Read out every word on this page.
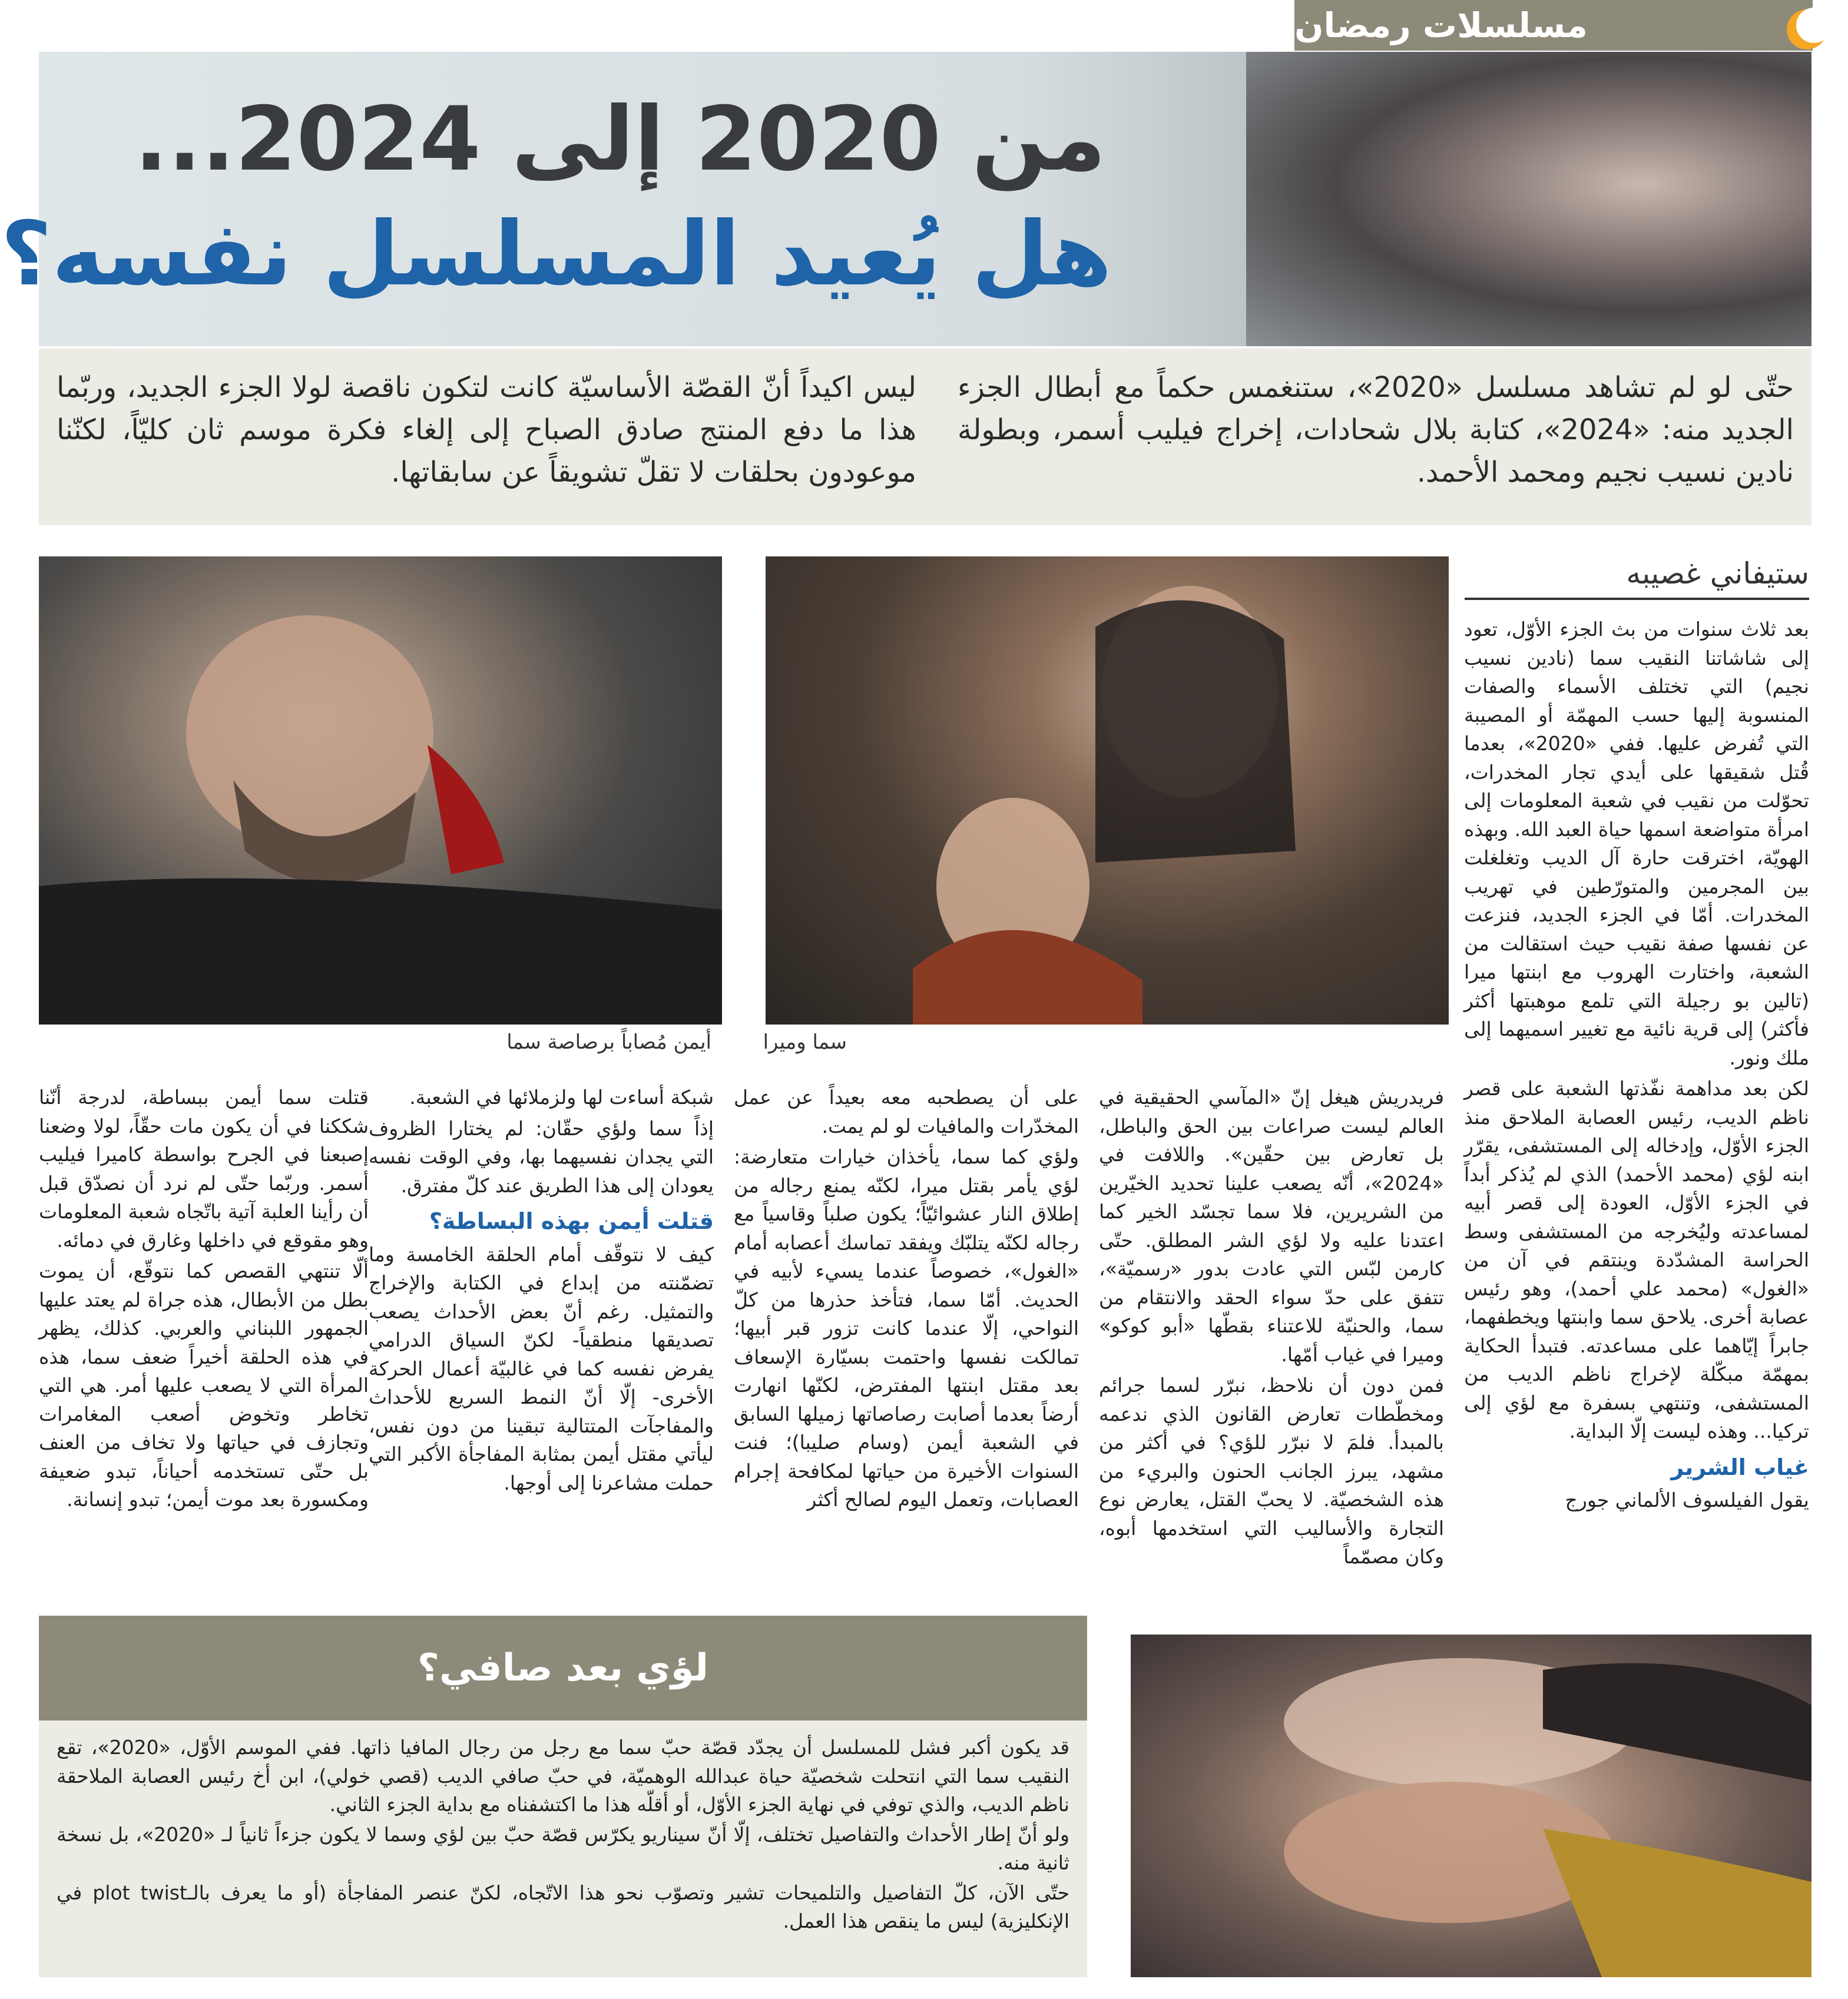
مسلسلات رمضان
من 2020 إلى 2024...
هل يُعيد المسلسل نفسه؟

حتّى لو لم تشاهد مسلسل «2020»، ستنغمس حكماً مع أبطال الجزء الجديد منه: «2024»، كتابة بلال شحادات، إخراج فيليب أسمر، وبطولة نادين نسيب نجيم ومحمد الأحمد.

ليس اكيداً أنّ القصّة الأساسيّة كانت لتكون ناقصة لولا الجزء الجديد، وربّما هذا ما دفع المنتج صادق الصباح إلى إلغاء فكرة موسم ثان كليّاً، لكنّنا موعودون بحلقات لا تقلّ تشويقاً عن سابقاتها.

ستيفاني غصيبه
سما وميرا
أيمن مُصاباً برصاصة سما

بعد ثلاث سنوات من بث الجزء الأوّل، تعود إلى شاشاتنا النقيب سما (نادين نسيب نجيم) التي تختلف الأسماء والصفات المنسوبة إليها حسب المهمّة أو المصيبة التي تُفرض عليها. ففي «2020»، بعدما قُتل شقيقها على أيدي تجار المخدرات، تحوّلت من نقيب في شعبة المعلومات إلى امرأة متواضعة اسمها حياة العبد الله. وبهذه الهويّة، اخترقت حارة آل الديب وتغلغلت بين المجرمين والمتورّطين في تهريب المخدرات. أمّا في الجزء الجديد، فنزعت عن نفسها صفة نقيب حيث استقالت من الشعبة، واختارت الهروب مع ابنتها ميرا (تالين بو رجيلة التي تلمع موهبتها أكثر فأكثر) إلى قرية نائية مع تغيير اسميهما إلى ملك ونور.

لكن بعد مداهمة نفّذتها الشعبة على قصر ناظم الديب، رئيس العصابة الملاحق منذ الجزء الأوّل، وإدخاله إلى المستشفى، يقرّر ابنه لؤي (محمد الأحمد) الذي لم يُذكر أبداً في الجزء الأوّل، العودة إلى قصر أبيه لمساعدته وليُخرجه من المستشفى وسط الحراسة المشدّدة وينتقم في آن من «الغول» (محمد علي أحمد)، وهو رئيس عصابة أخرى. يلاحق سما وابنتها ويخطفهما، جابراً إيّاهما على مساعدته. فتبدأ الحكاية بمهمّة مبكّلة لإخراج ناظم الديب من المستشفى، وتنتهي بسفرة مع لؤي إلى تركيا... وهذه ليست إلّا البداية.

غياب الشرير

يقول الفيلسوف الألماني جورج

فريدريش هيغل إنّ «المآسي الحقيقية في العالم ليست صراعات بين الحق والباطل، بل تعارض بين حقّين». واللافت في «2024»، أنّه يصعب علينا تحديد الخيّرين من الشريرين، فلا سما تجسّد الخير كما اعتدنا عليه ولا لؤي الشر المطلق. حتّى كارمن لبّس التي عادت بدور «رسميّة»، تتفق على حدّ سواء الحقد والانتقام من سما، والحنيّة للاعتناء بقطّها «أبو كوكو» وميرا في غياب أمّها.

فمن دون أن نلاحظ، نبرّر لسما جرائم ومخطّطات تعارض القانون الذي ندعمه بالمبدأ. فلمَ لا نبرّر للؤي؟ في أكثر من مشهد، يبرز الجانب الحنون والبريء من هذه الشخصيّة. لا يحبّ القتل، يعارض نوع التجارة والأساليب التي استخدمها أبوه، وكان مصمّماً

على أن يصطحبه معه بعيداً عن عمل المخدّرات والمافيات لو لم يمت.

ولؤي كما سما، يأخذان خيارات متعارضة: لؤي يأمر بقتل ميرا، لكنّه يمنع رجاله من إطلاق النار عشوائيّاً؛ يكون صلباً وقاسياً مع رجاله لكنّه يتلبّك ويفقد تماسك أعصابه أمام «الغول»، خصوصاً عندما يسيء لأبيه في الحديث. أمّا سما، فتأخذ حذرها من كلّ النواحي، إلّا عندما كانت تزور قبر أبيها؛ تمالكت نفسها واحتمت بسيّارة الإسعاف بعد مقتل ابنتها المفترض، لكنّها انهارت أرضاً بعدما أصابت رصاصاتها زميلها السابق في الشعبة أيمن (وسام صليبا)؛ فنت السنوات الأخيرة من حياتها لمكافحة إجرام العصابات، وتعمل اليوم لصالح أكثر

شبكة أساءت لها ولزملائها في الشعبة.

إذاً سما ولؤي حقّان: لم يختارا الظروف التي يجدان نفسيهما بها، وفي الوقت نفسه يعودان إلى هذا الطريق عند كلّ مفترق.

قتلت أيمن بهذه البساطة؟

كيف لا نتوقّف أمام الحلقة الخامسة وما تضمّنته من إبداع في الكتابة والإخراج والتمثيل. رغم أنّ بعض الأحداث يصعب تصديقها منطقياً- لكنّ السياق الدرامي يفرض نفسه كما في غالبيّة أعمال الحركة الأخرى- إلّا أنّ النمط السريع للأحداث والمفاجآت المتتالية تبقينا من دون نفس، ليأتي مقتل أيمن بمثابة المفاجأة الأكبر التي حملت مشاعرنا إلى أوجها.

قتلت سما أيمن ببساطة، لدرجة أنّنا شككنا في أن يكون مات حقّاً، لولا وضعنا إصبعنا في الجرح بواسطة كاميرا فيليب أسمر. وربّما حتّى لم نرد أن نصدّق قبل أن رأينا العلبة آتية باتّجاه شعبة المعلومات وهو مقوقع في داخلها وغارق في دمائه.

ألّا تنتهي القصص كما نتوقّع، أن يموت بطل من الأبطال، هذه جراة لم يعتد عليها الجمهور اللبناني والعربي. كذلك، يظهر في هذه الحلقة أخيراً ضعف سما، هذه المرأة التي لا يصعب عليها أمر. هي التي تخاطر وتخوض أصعب المغامرات وتجازف في حياتها ولا تخاف من العنف بل حتّى تستخدمه أحياناً، تبدو ضعيفة ومكسورة بعد موت أيمن؛ تبدو إنسانة.

لؤي بعد صافي؟

قد يكون أكبر فشل للمسلسل أن يجدّد قصّة حبّ سما مع رجل من رجال المافيا ذاتها. ففي الموسم الأوّل، «2020»، تقع النقيب سما التي انتحلت شخصيّة حياة عبدالله الوهميّة، في حبّ صافي الديب (قصي خولي)، ابن أخ رئيس العصابة الملاحقة ناظم الديب، والذي توفي في نهاية الجزء الأوّل، أو أقلّه هذا ما اكتشفناه مع بداية الجزء الثاني.

ولو أنّ إطار الأحداث والتفاصيل تختلف، إلّا أنّ سيناريو يكرّس قصّة حبّ بين لؤي وسما لا يكون جزءاً ثانياً لـ «2020»، بل نسخة ثانية منه.

حتّى الآن، كلّ التفاصيل والتلميحات تشير وتصوّب نحو هذا الاتّجاه، لكنّ عنصر المفاجأة (أو ما يعرف بالـplot twist في الإنكليزية) ليس ما ينقص هذا العمل.
